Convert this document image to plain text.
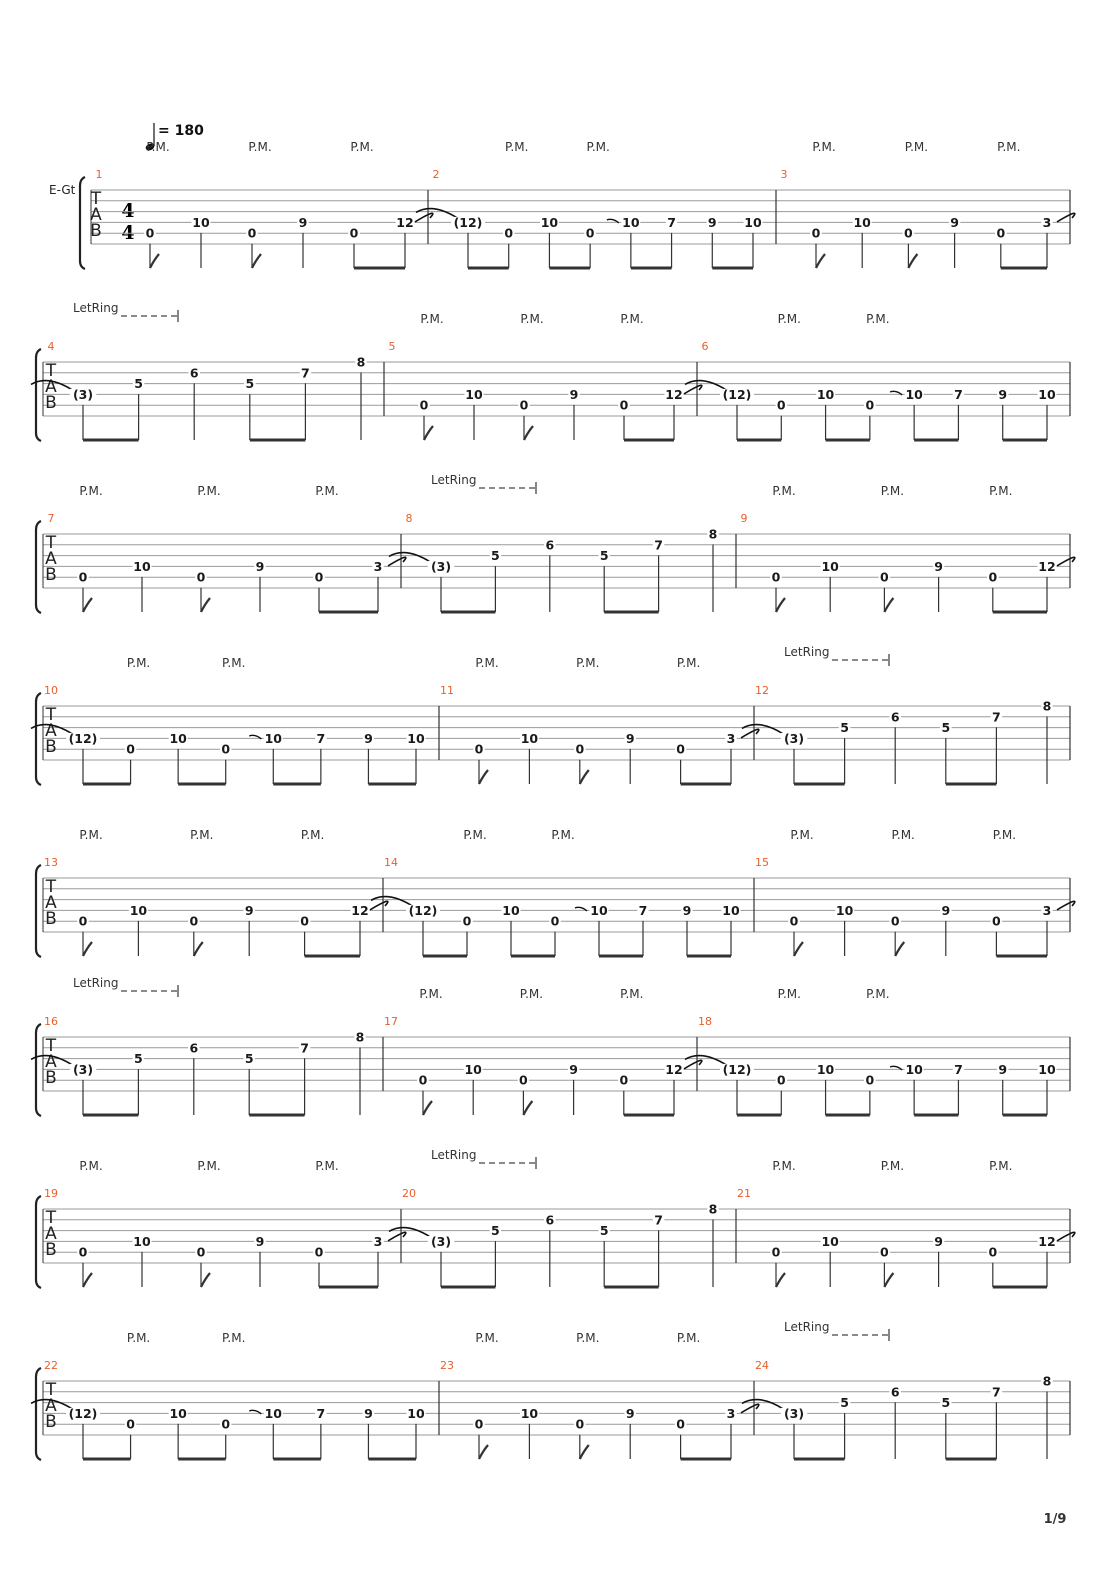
= 180
E-Gt
4
4
1/9
T
A
B
1
0
10
0
9
0
12
P.M.	P.M.	P.M.
2
(12)
0
10
0
10 7	9 10
P.M.	P.M.
3
0
10
0
9
0
3
P.M.	P.M.	P.M.
T
A
B
4
(3)
5
6
5
7
8
LetRing
5
0
10
0
9
0
12
P.M.	P.M.	P.M.
6
(12)
0
10
0
10 7	9 10
P.M.	P.M.
T
A
B
7
0
10
0
9
0
3
P.M.	P.M.	P.M.
8
(3)
5
6
5
7
8
LetRing
9
0
10
0
9
0
12
P.M.	P.M.	P.M.
T
A
B
10
(12)
0
10
0
10	7	9	10
P.M.	P.M.
11
0
10
0
9
0
3
P.M.	P.M.	P.M.
12
(3)
5
6
5
7
8
LetRing
T
A
B
13
0
10
0
9
0
12
P.M.	P.M.	P.M.
14
(12)
0
10
0
10 7	9 10
P.M.	P.M.
15
0
10
0
9
0
3
P.M.	P.M.	P.M.
T
A
B
16
(3)
5
6
5
7
8
LetRing
17
0
10
0
9
0
12
P.M.	P.M.	P.M.
18
(12)
0
10
0
10 7	9 10
P.M.	P.M.
T
A
B
19
0
10
0
9
0
3
P.M.	P.M.	P.M.
20
(3)
5
6
5
7
8
LetRing
21
0
10
0
9
0
12
P.M.	P.M.	P.M.
T
A
B
22
(12)
0
10
0
10	7	9	10
P.M.	P.M.
23
0
10
0
9
0
3
P.M.	P.M.	P.M.
24
(3)
5
6
5
7
8
LetRing
